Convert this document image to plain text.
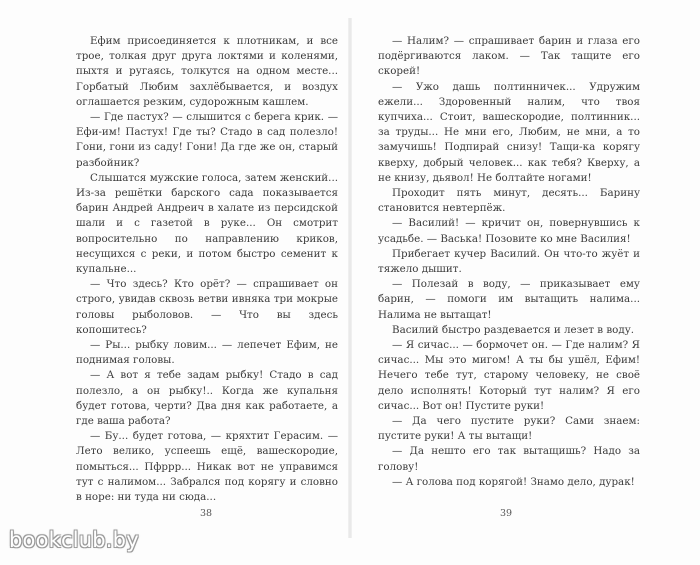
Ефим присоединяется к плотникам, и все трое, толкая друг друга локтями и коленями, пыхтя и ругаясь, толкутся на одном месте... Горбатый Любим захлёбывается, и воздух оглашается резким, судорожным кашлем.

— Где пастух? — слышится с берега крик. — Ефи-им! Пастух! Где ты? Стадо в сад полезло! Гони, гони из саду! Гони! Да где же он, старый разбойник?

Слышатся мужские голоса, затем женский... Из-за решётки барского сада показывается барин Андрей Андреич в халате из персидской шали и с газетой в руке... Он смотрит вопросительно по направлению криков, несущихся с реки, и потом быстро семенит к купальне...

— Что здесь? Кто орёт? — спрашивает он строго, увидав сквозь ветви ивняка три мокрые головы рыболовов. — Что вы здесь копошитесь?

— Ры... рыбку ловим... — лепечет Ефим, не поднимая головы.

— А вот я тебе задам рыбку! Стадо в сад полезло, а он рыбку!.. Когда же купальня будет готова, черти? Два дня как работаете, а где ваша работа?

— Бу... будет готова, — кряхтит Герасим. — Лето велико, успеешь ещё, вашескородие, помыться... Пфррр... Никак вот не управимся тут с налимом... Забрался под корягу и словно в норе: ни туда ни сюда...

— Налим? — спрашивает барин и глаза его подёргиваются лаком. — Так тащите его скорей!

— Ужо дашь полтинничек... Удружим ежели... Здоровенный налим, что твоя купчиха... Стоит, вашескородие, полтинник... за труды... Не мни его, Любим, не мни, а то замучишь! Подпирай снизу! Тащи-ка корягу кверху, добрый человек... как тебя? Кверху, а не книзу, дьявол! Не болтайте ногами!

Проходит пять минут, десять... Барину становится невтерпёж.

— Василий! — кричит он, повернувшись к усадьбе. — Васька! Позовите ко мне Василия!

Прибегает кучер Василий. Он что-то жуёт и тяжело дышит.

— Полезай в воду, — приказывает ему барин, — помоги им вытащить налима... Налима не вытащат!

Василий быстро раздевается и лезет в воду.

— Я сичас... — бормочет он. — Где налим? Я сичас... Мы это мигом! А ты бы ушёл, Ефим! Нечего тебе тут, старому человеку, не своё дело исполнять! Который тут налим? Я его сичас... Вот он! Пустите руки!

— Да чего пустите руки? Сами знаем: пустите руки! А ты вытащи!

— Да нешто его так вытащишь? Надо за голову!

— А голова под корягой! Знамо дело, дурак!

38	39
bookclub.by
